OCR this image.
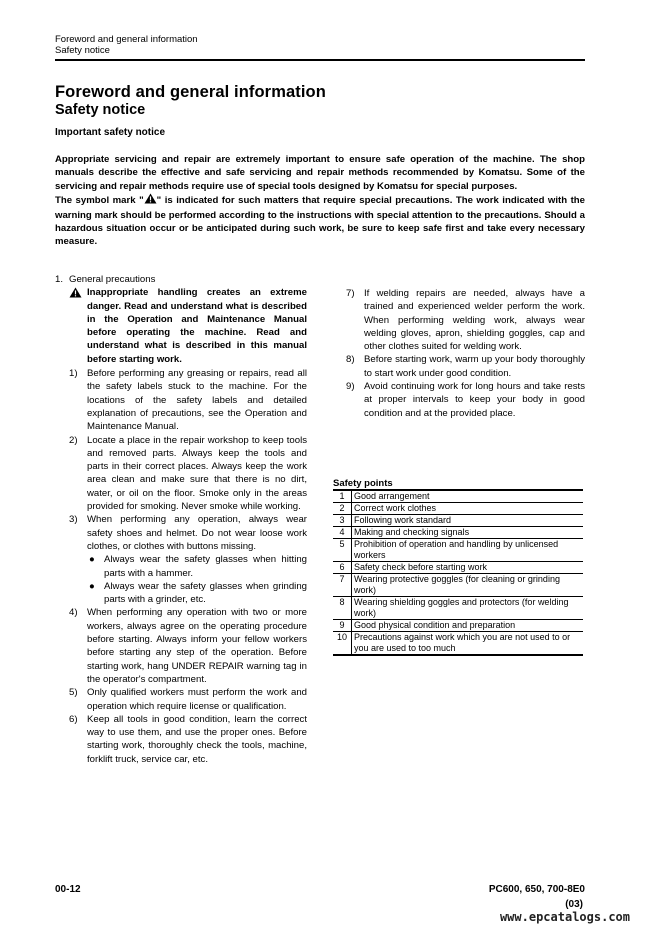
Foreword and general information
Safety notice
Foreword and general information
Safety notice
Important safety notice

Appropriate servicing and repair are extremely important to ensure safe operation of the machine. The shop manuals describe the effective and safe servicing and repair methods recommended by Komatsu. Some of the servicing and repair methods require use of special tools designed by Komatsu for special purposes.

The symbol mark " " is indicated for such matters that require special precautions. The work indicated with the warning mark should be performed according to the instructions with special attention to the precautions. Should a hazardous situation occur or be anticipated during such work, be sure to keep safe first and take every necessary measure.

1. General precautions
Inappropriate handling creates an extreme danger. Read and understand what is described in the Operation and Maintenance Manual before operating the machine. Read and understand what is described in this manual before starting work.

1) Before performing any greasing or repairs, read all the safety labels stuck to the machine. For the locations of the safety labels and detailed explanation of precautions, see the Operation and Maintenance Manual.

2) Locate a place in the repair workshop to keep tools and removed parts. Always keep the tools and parts in their correct places. Always keep the work area clean and make sure that there is no dirt, water, or oil on the floor. Smoke only in the areas provided for smoking. Never smoke while working.

3) When performing any operation, always wear safety shoes and helmet. Do not wear loose work clothes, or clothes with buttons missing.

● Always wear the safety glasses when hitting parts with a hammer.

● Always wear the safety glasses when grinding parts with a grinder, etc.

4) When performing any operation with two or more workers, always agree on the operating procedure before starting. Always inform your fellow workers before starting any step of the operation. Before starting work, hang UNDER REPAIR warning tag in the operator's compartment.

5) Only qualified workers must perform the work and operation which require license or qualification.

6) Keep all tools in good condition, learn the correct way to use them, and use the proper ones. Before starting work, thoroughly check the tools, machine, forklift truck, service car, etc.

7) If welding repairs are needed, always have a trained and experienced welder perform the work. When performing welding work, always wear welding gloves, apron, shielding goggles, cap and other clothes suited for welding work.

8) Before starting work, warm up your body thoroughly to start work under good condition.

9) Avoid continuing work for long hours and take rests at proper intervals to keep your body in good condition and at the provided place.

Safety points
1	Good arrangement
2	Correct work clothes
3	Following work standard
4	Making and checking signals
5	Prohibition of operation and handling by unlicensed workers
6	Safety check before starting work
7	Wearing protective goggles (for cleaning or grinding work)
8	Wearing shielding goggles and protectors (for welding work)
9	Good physical condition and preparation
10	Precautions against work which you are not used to or you are used to too much
00-12	PC600, 650, 700-8E0
(03)
www.epcatalogs.com
